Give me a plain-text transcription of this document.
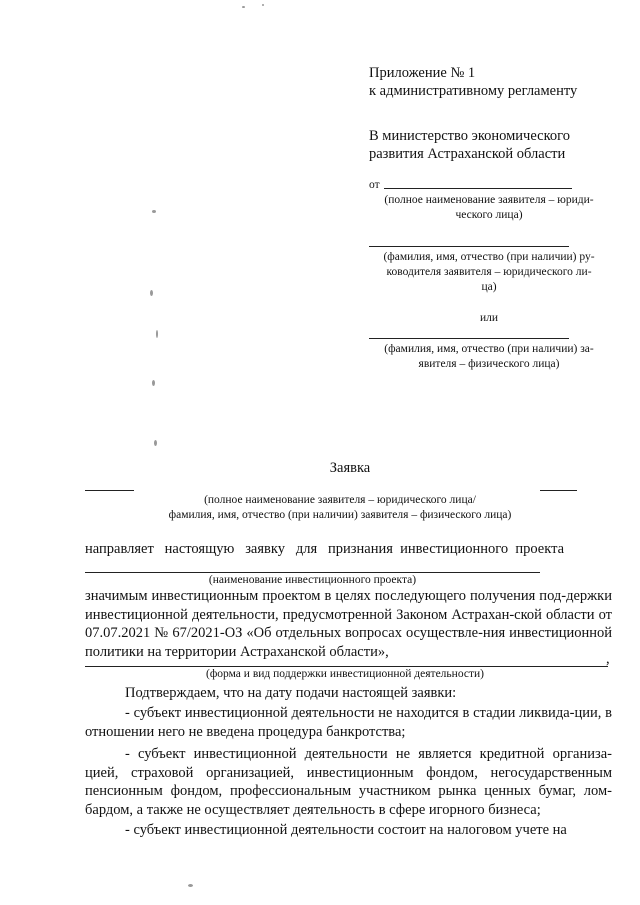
Приложение № 1
к административному регламенту
В министерство экономического
развития Астраханской области
от
(полное наименование заявителя – юриди-
ческого лица)
(фамилия, имя, отчество (при наличии) ру-
ководителя заявителя – юридического ли-
ца)
или
(фамилия, имя, отчество (при наличии) за-
явителя – физического лица)
Заявка
(полное наименование заявителя – юридического лица/
фамилия, имя, отчество (при наличии) заявителя – физического лица)
направляет   настоящую   заявку   для   признания  инвестиционного  проекта
(наименование инвестиционного проекта)
значимым инвестиционным проектом в целях последующего получения под-держки инвестиционной деятельности, предусмотренной Законом Астрахан-ской области от 07.07.2021 № 67/2021-ОЗ «Об отдельных вопросах осуществле-ния инвестиционной политики на территории Астраханской области»,	,
(форма и вид поддержки инвестиционной деятельности)
Подтверждаем, что на дату подачи настоящей заявки:
- субъект инвестиционной деятельности не находится в стадии ликвида-ции, в отношении него не введена процедура банкротства;
- субъект инвестиционной деятельности не является кредитной организа-цией, страховой организацией, инвестиционным фондом, негосударственным пенсионным фондом, профессиональным участником рынка ценных бумаг, лом-бардом, а также не осуществляет деятельность в сфере игорного бизнеса;
- субъект инвестиционной деятельности состоит на налоговом учете на
